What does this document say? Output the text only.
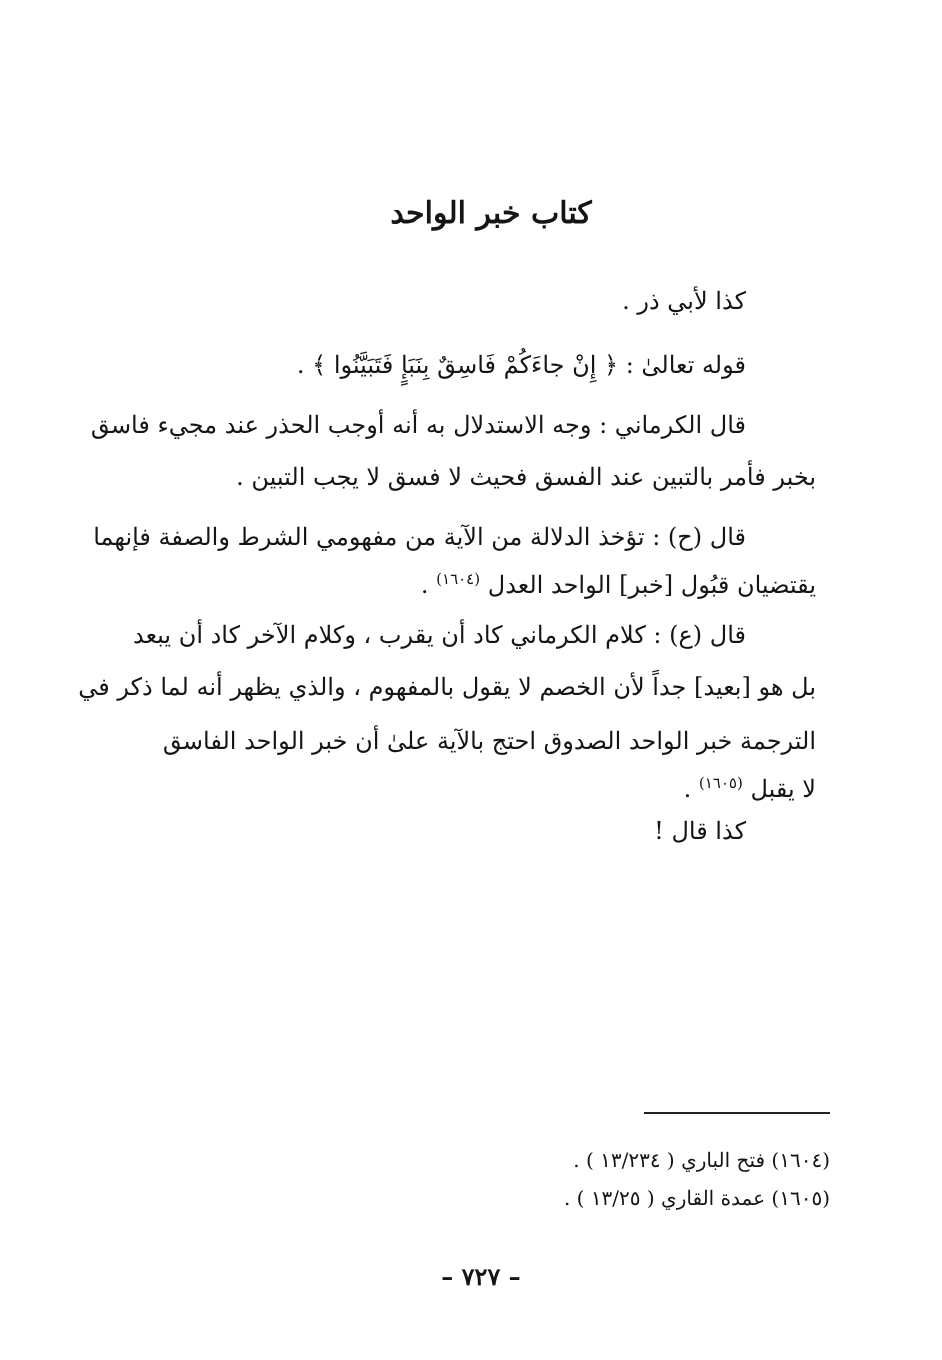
كتاب خبر الواحد
كذا لأبي ذر .
قوله تعالىٰ : ﴿ إِنْ جاءَكُمْ فَاسِقٌ بِنَبَإٍ فَتَبَيَّنُوا ﴾ .
قال الكرماني : وجه الاستدلال به أنه أوجب الحذر عند مجيء فاسق
بخبر فأمر بالتبين عند الفسق فحيث لا فسق لا يجب التبين .
قال (ح) : تؤخذ الدلالة من الآية من مفهومي الشرط والصفة فإنهما
يقتضيان قبُول [خبر] الواحد العدل $^{(١٦٠٤)}$ .
قال (ع) : كلام الكرماني كاد أن يقرب ، وكلام الآخر كاد أن يبعد
بل هو [بعيد] جداً لأن الخصم لا يقول بالمفهوم ، والذي يظهر أنه لما ذكر في
الترجمة خبر الواحد الصدوق احتج بالآية علىٰ أن خبر الواحد الفاسق
لا يقبل $^{(١٦٠٥)}$ .
كذا قال !
(١٦٠٤) فتح الباري ( ١٣/٢٣٤ ) .
(١٦٠٥) عمدة القاري ( ١٣/٢٥ ) .
– ٧٢٧ –
